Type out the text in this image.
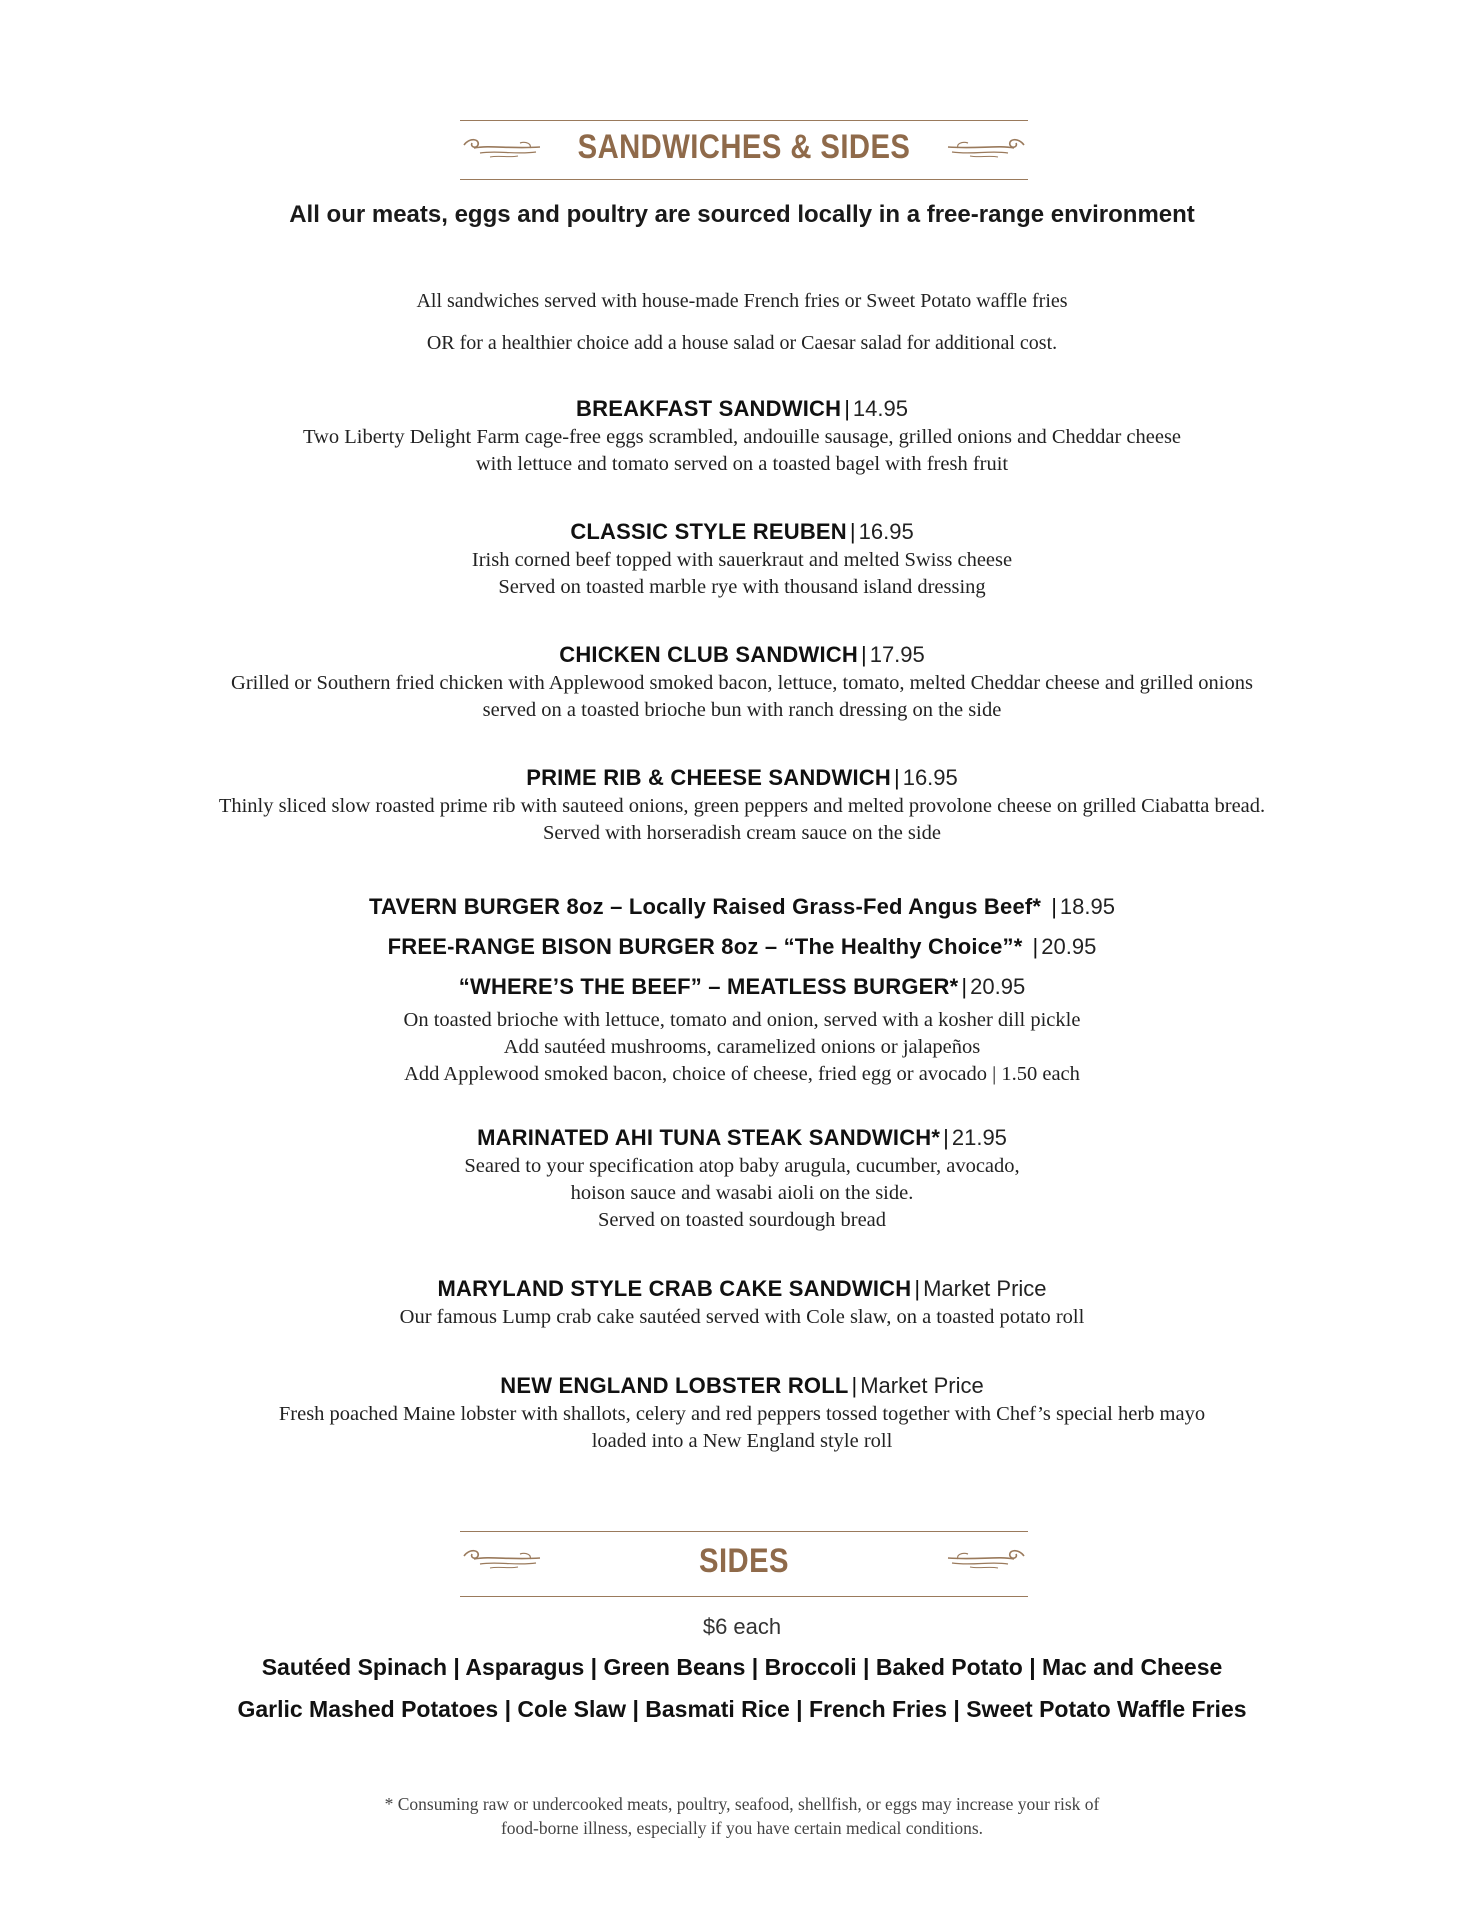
SANDWICHES & SIDES
All our meats, eggs and poultry are sourced locally in a free-range environment
All sandwiches served with house-made French fries or Sweet Potato waffle fries
OR for a healthier choice add a house salad or Caesar salad for additional cost.
BREAKFAST SANDWICH | 14.95
Two Liberty Delight Farm cage-free eggs scrambled, andouille sausage, grilled onions and Cheddar cheese
with lettuce and tomato served on a toasted bagel with fresh fruit
CLASSIC STYLE REUBEN | 16.95
Irish corned beef topped with sauerkraut and melted Swiss cheese
Served on toasted marble rye with thousand island dressing
CHICKEN CLUB SANDWICH | 17.95
Grilled or Southern fried chicken with Applewood smoked bacon, lettuce, tomato, melted Cheddar cheese and grilled onions
served on a toasted brioche bun with ranch dressing on the side
PRIME RIB & CHEESE SANDWICH | 16.95
Thinly sliced slow roasted prime rib with sauteed onions, green peppers and melted provolone cheese on grilled Ciabatta bread.
Served with horseradish cream sauce on the side
TAVERN BURGER 8oz – Locally Raised Grass-Fed Angus Beef* | 18.95
FREE-RANGE BISON BURGER 8oz – “The Healthy Choice”* | 20.95
“WHERE’S THE BEEF” – MEATLESS BURGER* | 20.95
On toasted brioche with lettuce, tomato and onion, served with a kosher dill pickle
Add sautéed mushrooms, caramelized onions or jalapeños
Add Applewood smoked bacon, choice of cheese, fried egg or avocado | 1.50 each
MARINATED AHI TUNA STEAK SANDWICH* | 21.95
Seared to your specification atop baby arugula, cucumber, avocado,
hoison sauce and wasabi aioli on the side.
Served on toasted sourdough bread
MARYLAND STYLE CRAB CAKE SANDWICH | Market Price
Our famous Lump crab cake sautéed served with Cole slaw, on a toasted potato roll
NEW ENGLAND LOBSTER ROLL | Market Price
Fresh poached Maine lobster with shallots, celery and red peppers tossed together with Chef’s special herb mayo
loaded into a New England style roll
SIDES
$6 each
Sautéed Spinach | Asparagus | Green Beans | Broccoli | Baked Potato | Mac and Cheese
Garlic Mashed Potatoes | Cole Slaw | Basmati Rice | French Fries | Sweet Potato Waffle Fries
* Consuming raw or undercooked meats, poultry, seafood, shellfish, or eggs may increase your risk of
food-borne illness, especially if you have certain medical conditions.
